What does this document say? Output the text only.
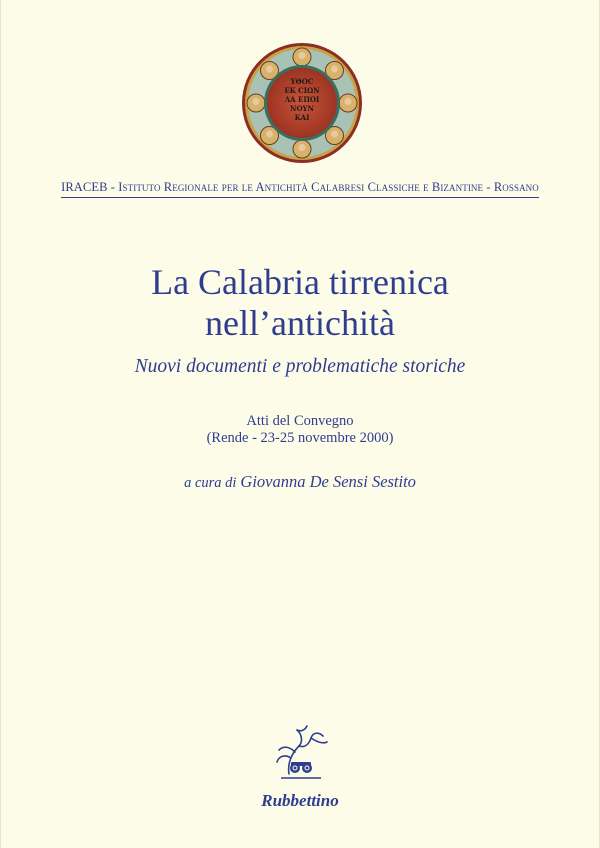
YΘΟC
ΕΚ CIΩN
ΛΑ ΕΠΟΙ
ΝΟΥΝ
ΚΑΙ
IRACEB - Istituto Regionale per le Antichità Calabresi Classiche e Bizantine - Rossano
La Calabria tirrenica
nell’antichità
Nuovi documenti e problematiche storiche
Atti del Convegno
(Rende - 23-25 novembre 2000)
a cura di Giovanna De Sensi Sestito
Rubbettino
